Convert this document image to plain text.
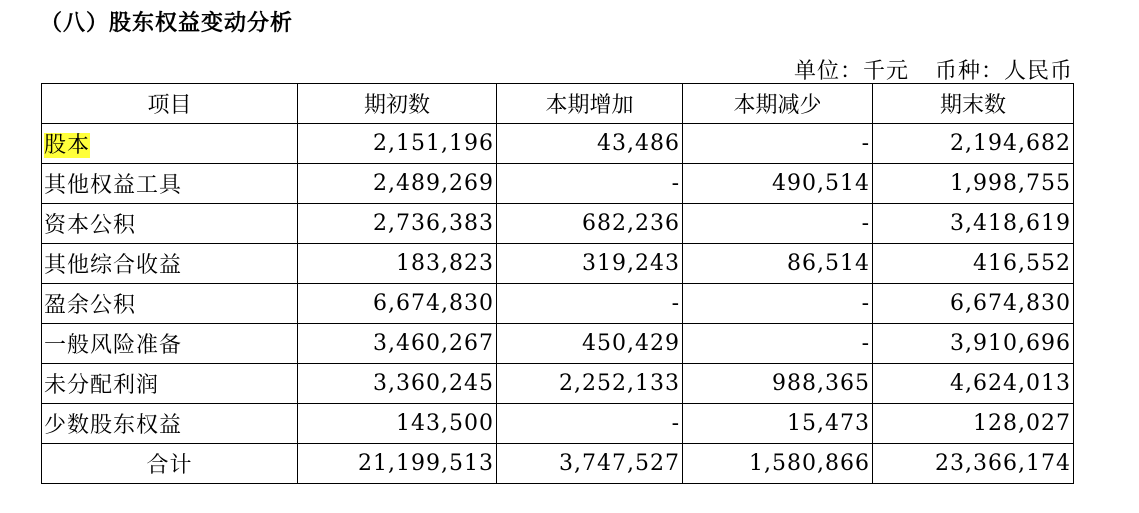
（八）股东权益变动分析
单位：千元 币种：人民币
项目	期初数	本期增加	本期减少	期末数
股本	2,151,196	43,486	-	2,194,682
其他权益工具	2,489,269	-	490,514	1,998,755
资本公积	2,736,383	682,236	-	3,418,619
其他综合收益	183,823	319,243	86,514	416,552
盈余公积	6,674,830	-	-	6,674,830
一般风险准备	3,460,267	450,429	-	3,910,696
未分配利润	3,360,245	2,252,133	988,365	4,624,013
少数股东权益	143,500	-	15,473	128,027
合计	21,199,513	3,747,527	1,580,866	23,366,174
